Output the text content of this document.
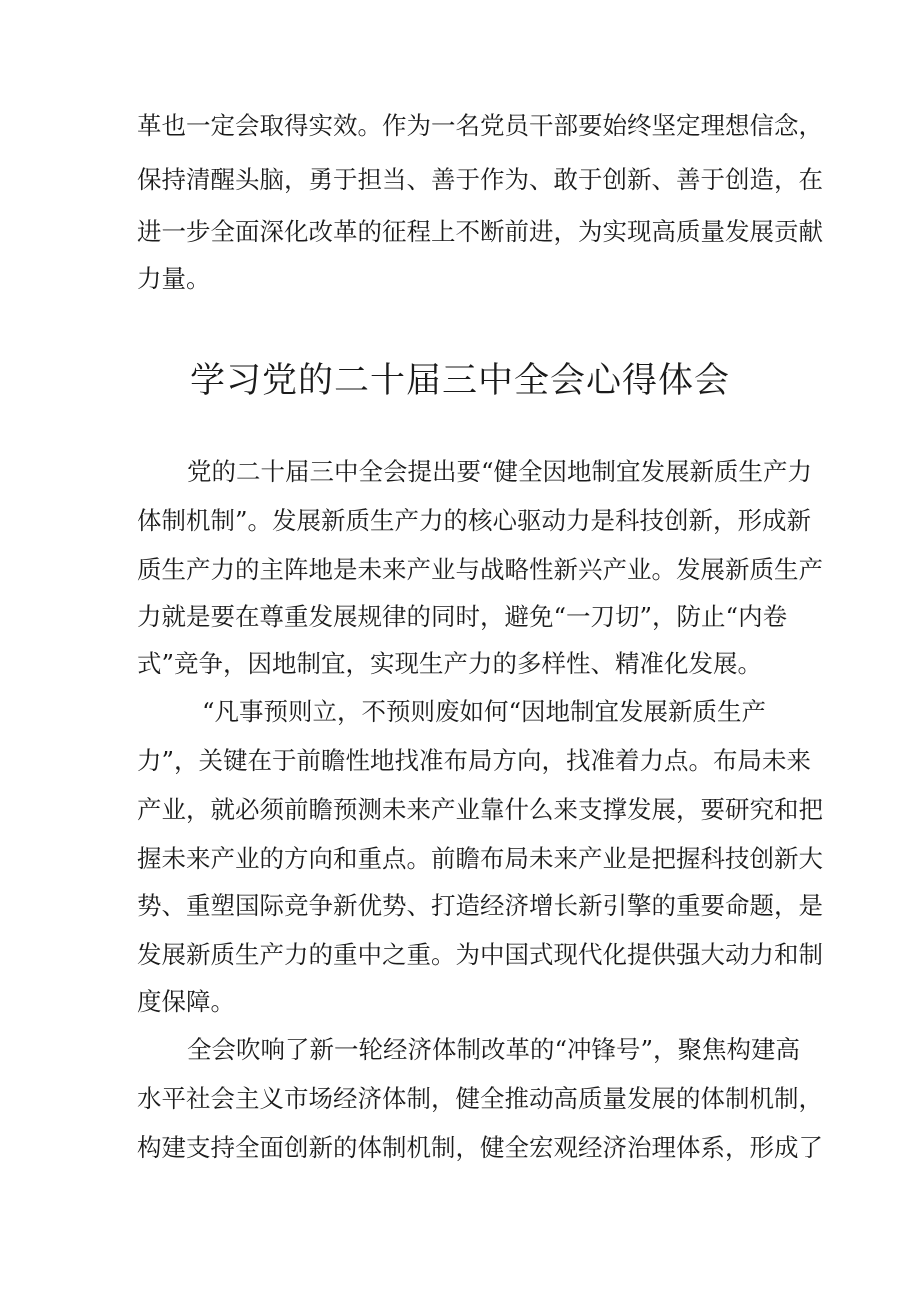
革也一定会取得实效。作为一名党员干部要始终坚定理想信念，

保持清醒头脑，勇于担当、善于作为、敢于创新、善于创造，在

进一步全面深化改革的征程上不断前进，为实现高质量发展贡献

力量。

学习党的二十届三中全会心得体会

党的二十届三中全会提出要“健全因地制宜发展新质生产力

体制机制”。发展新质生产力的核心驱动力是科技创新，形成新

质生产力的主阵地是未来产业与战略性新兴产业。发展新质生产

力就是要在尊重发展规律的同时，避免“一刀切”，防止“内卷

式”竞争，因地制宜，实现生产力的多样性、精准化发展。

“凡事预则立，不预则废如何“因地制宜发展新质生产

力”，关键在于前瞻性地找准布局方向，找准着力点。布局未来

产业，就必须前瞻预测未来产业靠什么来支撑发展，要研究和把

握未来产业的方向和重点。前瞻布局未来产业是把握科技创新大

势、重塑国际竞争新优势、打造经济增长新引擎的重要命题，是

发展新质生产力的重中之重。为中国式现代化提供强大动力和制

度保障。

全会吹响了新一轮经济体制改革的“冲锋号”，聚焦构建高

水平社会主义市场经济体制，健全推动高质量发展的体制机制，

构建支持全面创新的体制机制，健全宏观经济治理体系，形成了
